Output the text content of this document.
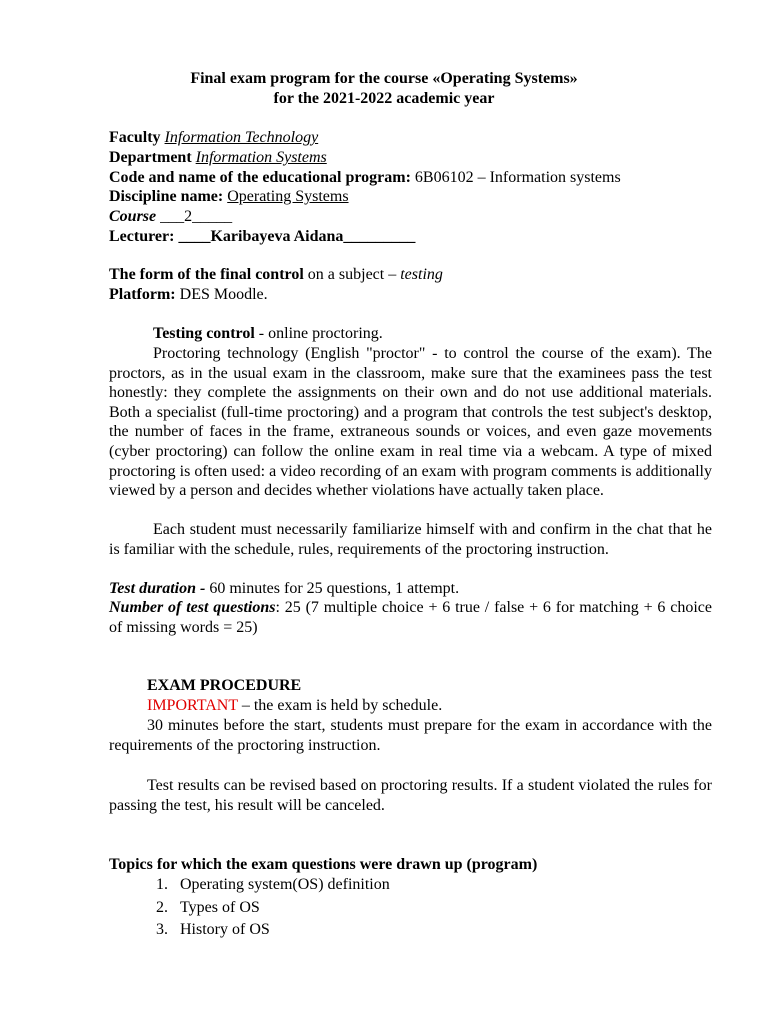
Final exam program for the course «Operating Systems»
for the 2021-2022 academic year
Faculty Information Technology
Department Information Systems
Code and name of the educational program: 6B06102 – Information systems
Discipline name: Operating Systems
Course ___2_____
Lecturer: ____Karibayeva Aidana_________
The form of the final control on a subject – testing
Platform: DES Moodle.
Testing control - online proctoring.
Proctoring technology (English "proctor" - to control the course of the exam). The proctors, as in the usual exam in the classroom, make sure that the examinees pass the test honestly: they complete the assignments on their own and do not use additional materials. Both a specialist (full-time proctoring) and a program that controls the test subject's desktop, the number of faces in the frame, extraneous sounds or voices, and even gaze movements (cyber proctoring) can follow the online exam in real time via a webcam. A type of mixed proctoring is often used: a video recording of an exam with program comments is additionally viewed by a person and decides whether violations have actually taken place.
Each student must necessarily familiarize himself with and confirm in the chat that he is familiar with the schedule, rules, requirements of the proctoring instruction.
Test duration - 60 minutes for 25 questions, 1 attempt.
Number of test questions: 25 (7 multiple choice + 6 true / false + 6 for matching + 6 choice of missing words = 25)
EXAM PROCEDURE
IMPORTANT – the exam is held by schedule.
30 minutes before the start, students must prepare for the exam in accordance with the requirements of the proctoring instruction.
Test results can be revised based on proctoring results. If a student violated the rules for passing the test, his result will be canceled.
Topics for which the exam questions were drawn up (program)
1. Operating system(OS) definition
2. Types of OS
3. History of OS
